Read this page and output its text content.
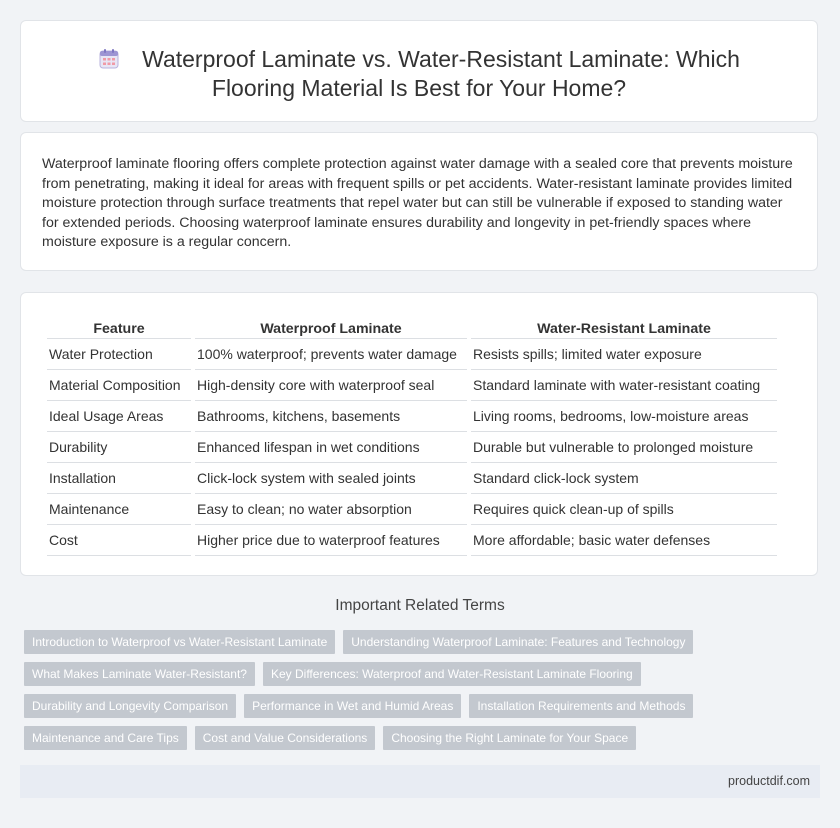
Waterproof Laminate vs. Water-Resistant Laminate: Which Flooring Material Is Best for Your Home?
Waterproof laminate flooring offers complete protection against water damage with a sealed core that prevents moisture from penetrating, making it ideal for areas with frequent spills or pet accidents. Water-resistant laminate provides limited moisture protection through surface treatments that repel water but can still be vulnerable if exposed to standing water for extended periods. Choosing waterproof laminate ensures durability and longevity in pet-friendly spaces where moisture exposure is a regular concern.
Feature	Waterproof Laminate	Water-Resistant Laminate
Water Protection	100% waterproof; prevents water damage	Resists spills; limited water exposure
Material Composition	High-density core with waterproof seal	Standard laminate with water-resistant coating
Ideal Usage Areas	Bathrooms, kitchens, basements	Living rooms, bedrooms, low-moisture areas
Durability	Enhanced lifespan in wet conditions	Durable but vulnerable to prolonged moisture
Installation	Click-lock system with sealed joints	Standard click-lock system
Maintenance	Easy to clean; no water absorption	Requires quick clean-up of spills
Cost	Higher price due to waterproof features	More affordable; basic water defenses
Important Related Terms
Introduction to Waterproof vs Water-Resistant Laminate	Understanding Waterproof Laminate: Features and Technology
What Makes Laminate Water-Resistant?	Key Differences: Waterproof and Water-Resistant Laminate Flooring
Durability and Longevity Comparison	Performance in Wet and Humid Areas	Installation Requirements and Methods
Maintenance and Care Tips	Cost and Value Considerations	Choosing the Right Laminate for Your Space
productdif.com
